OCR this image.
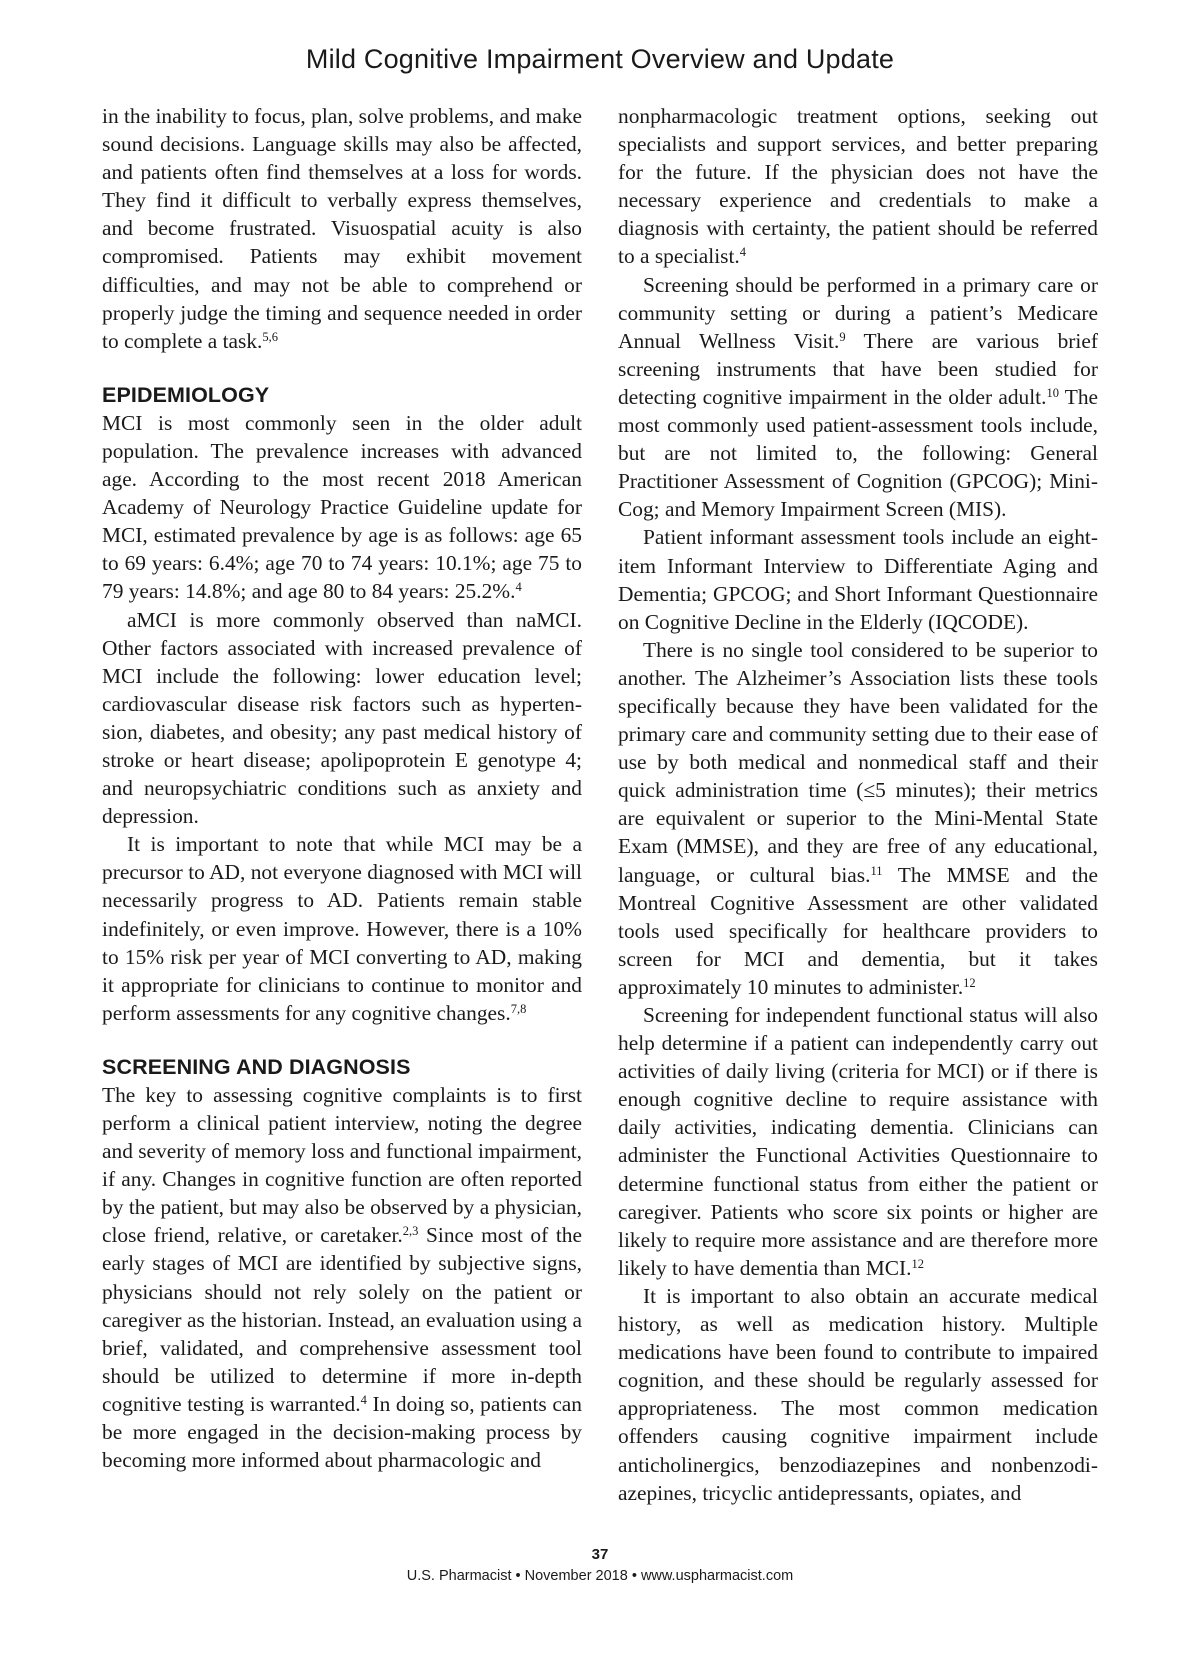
Mild Cognitive Impairment Overview and Update

in the inability to focus, plan, solve problems, and make sound decisions. Language skills may also be affected, and patients often find themselves at a loss for words. They find it difficult to verbally express themselves, and become frustrated. Visuospatial acuity is also compromised. Patients may exhibit movement difficulties, and may not be able to comprehend or properly judge the timing and sequence needed in order to complete a task.$^{5,6}$

EPIDEMIOLOGY

MCI is most commonly seen in the older adult population. The prevalence increases with advanced age. According to the most recent 2018 American Academy of Neurology Practice Guideline update for MCI, estimated prevalence by age is as follows: age 65 to 69 years: 6.4%; age 70 to 74 years: 10.1%; age 75 to 79 years: 14.8%; and age 80 to 84 years: 25.2%.$^4$

aMCI is more commonly observed than naMCI. Other factors associated with increased prevalence of MCI include the following: lower education level; cardiovascular disease risk factors such as hypertension, diabetes, and obesity; any past medical history of stroke or heart disease; apolipoprotein E genotype 4; and neuropsychiatric conditions such as anxiety and depression.

It is important to note that while MCI may be a precursor to AD, not everyone diagnosed with MCI will necessarily progress to AD. Patients remain stable indefinitely, or even improve. However, there is a 10% to 15% risk per year of MCI converting to AD, making it appropriate for clinicians to continue to monitor and perform assessments for any cognitive changes.$^{7,8}$

SCREENING AND DIAGNOSIS

The key to assessing cognitive complaints is to first perform a clinical patient interview, noting the degree and severity of memory loss and functional impairment, if any. Changes in cognitive function are often reported by the patient, but may also be observed by a physician, close friend, relative, or caretaker.$^{2,3}$ Since most of the early stages of MCI are identified by subjective signs, physicians should not rely solely on the patient or caregiver as the historian. Instead, an evaluation using a brief, validated, and comprehensive assessment tool should be utilized to determine if more in-depth cognitive testing is warranted.$^4$ In doing so, patients can be more engaged in the decision-making process by becoming more informed about pharmacologic and

nonpharmacologic treatment options, seeking out specialists and support services, and better preparing for the future. If the physician does not have the necessary experience and credentials to make a diagnosis with certainty, the patient should be referred to a specialist.$^4$

Screening should be performed in a primary care or community setting or during a patient’s Medicare Annual Wellness Visit.$^9$ There are various brief screening instruments that have been studied for detecting cognitive impairment in the older adult.$^{10}$ The most commonly used patient-assessment tools include, but are not limited to, the following: General Practitioner Assessment of Cognition (GPCOG); Mini-Cog; and Memory Impairment Screen (MIS).

Patient informant assessment tools include an eight-item Informant Interview to Differentiate Aging and Dementia; GPCOG; and Short Informant Questionnaire on Cognitive Decline in the Elderly (IQCODE).

There is no single tool considered to be superior to another. The Alzheimer’s Association lists these tools specifically because they have been validated for the primary care and community setting due to their ease of use by both medical and nonmedical staff and their quick administration time (≤5 minutes); their metrics are equivalent or superior to the Mini-Mental State Exam (MMSE), and they are free of any educational, language, or cultural bias.$^{11}$ The MMSE and the Montreal Cognitive Assessment are other validated tools used specifically for healthcare providers to screen for MCI and dementia, but it takes approximately 10 minutes to administer.$^{12}$

Screening for independent functional status will also help determine if a patient can independently carry out activities of daily living (criteria for MCI) or if there is enough cognitive decline to require assistance with daily activities, indicating dementia. Clinicians can administer the Functional Activities Questionnaire to determine functional status from either the patient or caregiver. Patients who score six points or higher are likely to require more assistance and are therefore more likely to have dementia than MCI.$^{12}$

It is important to also obtain an accurate medical history, as well as medication history. Multiple medications have been found to contribute to impaired cognition, and these should be regularly assessed for appropriateness. The most common medication offenders causing cognitive impairment include anticholinergics, benzodiazepines and nonbenzodiazepines, tricyclic antidepressants, opiates, and

37
U.S. Pharmacist • November 2018 • www.uspharmacist.com
